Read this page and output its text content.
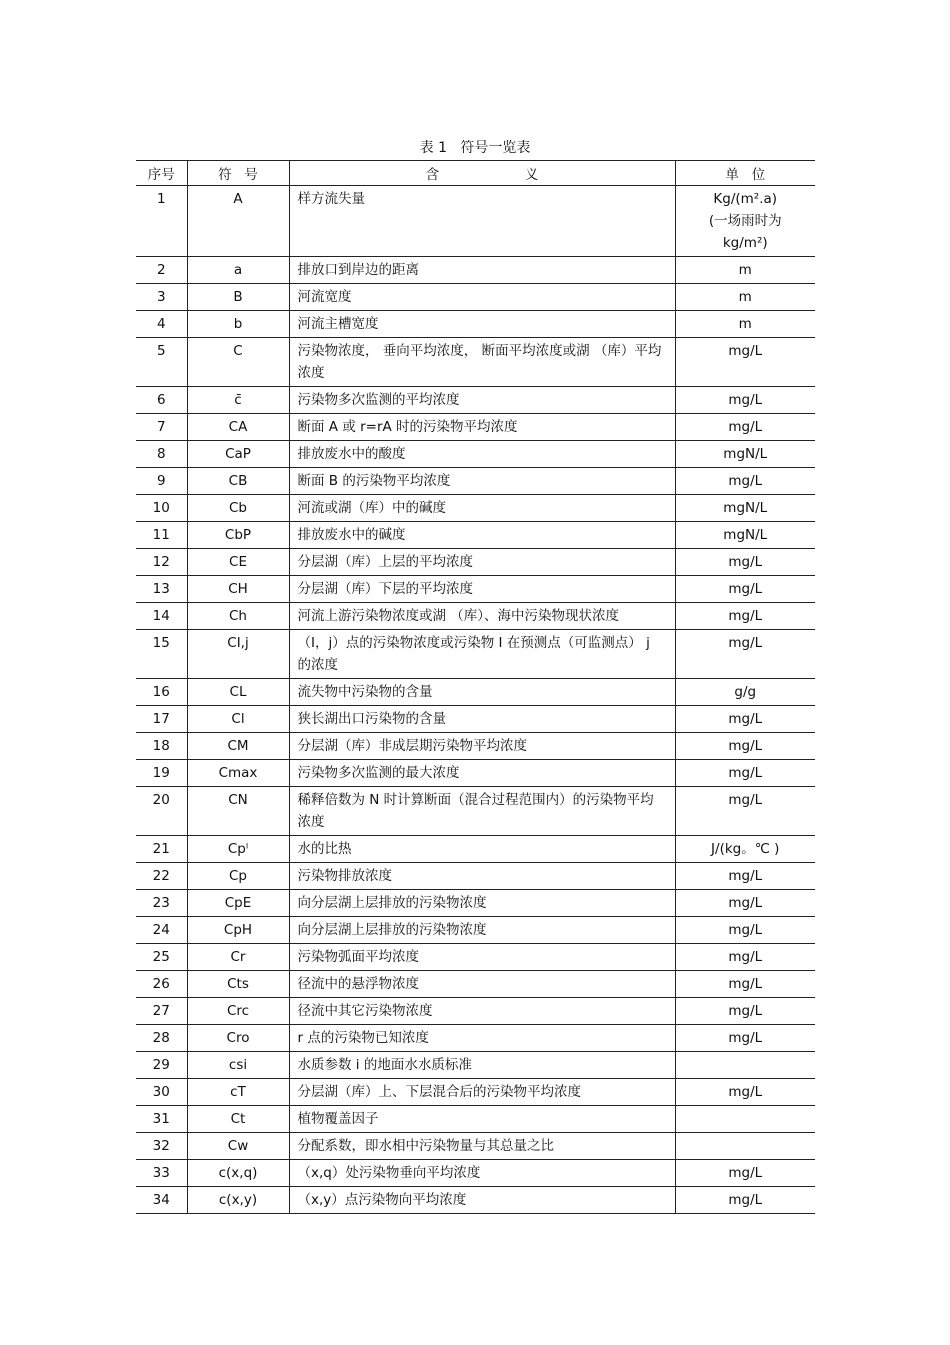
表 1   符号一览表
序号	符   号	含                    义	单   位
1	A	样方流失量	Kg/(m².a)
(一场雨时为
kg/m²)
2	a	排放口到岸边的距离	m
3	B	河流宽度	m
4	b	河流主槽宽度	m
5	C	污染物浓度， 垂向平均浓度， 断面平均浓度或湖 （库）平均浓度	mg/L
6	c̄	污染物多次监测的平均浓度	mg/L
7	CA	断面 A 或 r=rA 时的污染物平均浓度	mg/L
8	CaP	排放废水中的酸度	mgN/L
9	CB	断面 B 的污染物平均浓度	mg/L
10	Cb	河流或湖（库）中的碱度	mgN/L
11	CbP	排放废水中的碱度	mgN/L
12	CE	分层湖（库）上层的平均浓度	mg/L
13	CH	分层湖（库）下层的平均浓度	mg/L
14	Ch	河流上游污染物浓度或湖 （库）、海中污染物现状浓度	mg/L
15	CI,j	（I，j）点的污染物浓度或污染物 I 在预测点（可监测点） j 的浓度	mg/L
16	CL	流失物中污染物的含量	g/g
17	Cl	狭长湖出口污染物的含量	mg/L
18	CM	分层湖（库）非成层期污染物平均浓度	mg/L
19	Cmax	污染物多次监测的最大浓度	mg/L
20	CN	稀释倍数为 N 时计算断面（混合过程范围内）的污染物平均浓度	mg/L
21	Cpˡ	水的比热	J/(kg。℃ )
22	Cp	污染物排放浓度	mg/L
23	CpE	向分层湖上层排放的污染物浓度	mg/L
24	CpH	向分层湖上层排放的污染物浓度	mg/L
25	Cr	污染物弧面平均浓度	mg/L
26	Cts	径流中的悬浮物浓度	mg/L
27	Crc	径流中其它污染物浓度	mg/L
28	Cro	r 点的污染物已知浓度	mg/L
29	csi	水质参数 i 的地面水水质标准	
30	cT	分层湖（库）上、下层混合后的污染物平均浓度	mg/L
31	Ct	植物覆盖因子	
32	Cw	分配系数，即水相中污染物量与其总量之比	
33	c(x,q)	（x,q）处污染物垂向平均浓度	mg/L
34	c(x,y)	（x,y）点污染物向平均浓度	mg/L
